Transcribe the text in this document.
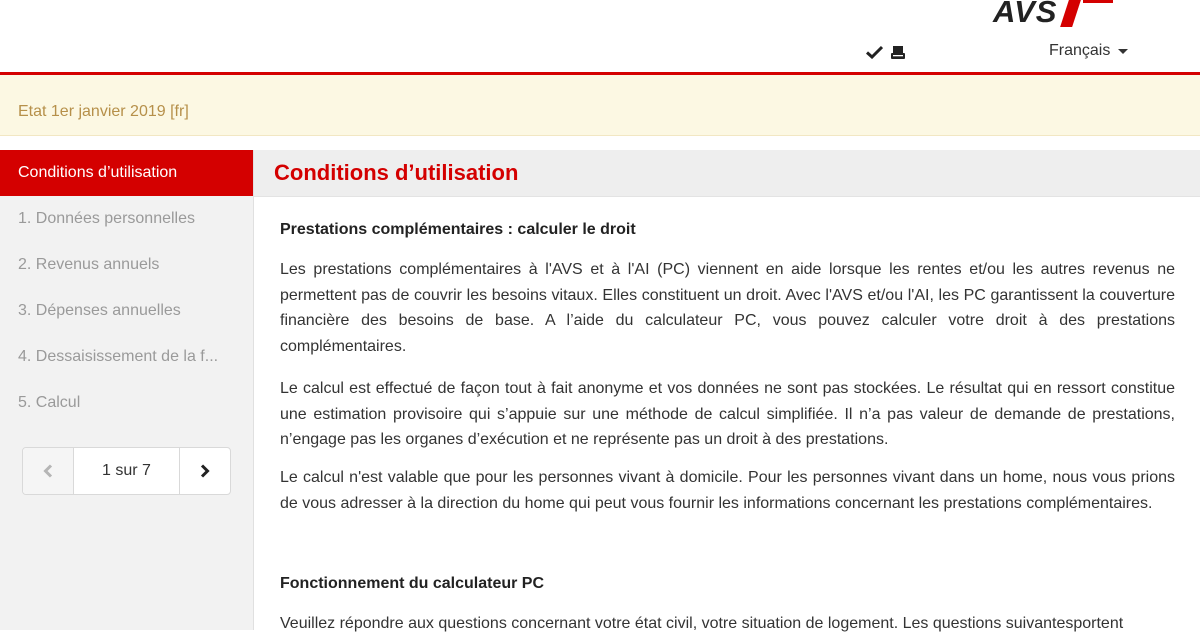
AVS
Français
Etat 1er janvier 2019 [fr]
Conditions d’utilisation
1. Données personnelles
2. Revenus annuels
3. Dépenses annuelles
4. Dessaisissement de la f...
5. Calcul
1 sur 7
Conditions d’utilisation
Prestations complémentaires : calculer le droit

Les prestations complémentaires à l'AVS et à l'AI (PC) viennent en aide lorsque les rentes et/ou les autres revenus ne permettent pas de couvrir les besoins vitaux. Elles constituent un droit. Avec l'AVS et/ou l'AI, les PC garantissent la couverture financière des besoins de base. A l’aide du calculateur PC, vous pouvez calculer votre droit à des prestations complémentaires.

Le calcul est effectué de façon tout à fait anonyme et vos données ne sont pas stockées. Le résultat qui en ressort constitue une estimation provisoire qui s’appuie sur une méthode de calcul simplifiée. Il n’a pas valeur de demande de prestations, n’engage pas les organes d’exécution et ne représente pas un droit à des prestations.

Le calcul n'est valable que pour les personnes vivant à domicile. Pour les personnes vivant dans un home, nous vous prions de vous adresser à la direction du home qui peut vous fournir les informations concernant les prestations complémentaires.

Fonctionnement du calculateur PC

Veuillez répondre aux questions concernant votre état civil, votre situation de logement. Les questions suivantesportent
